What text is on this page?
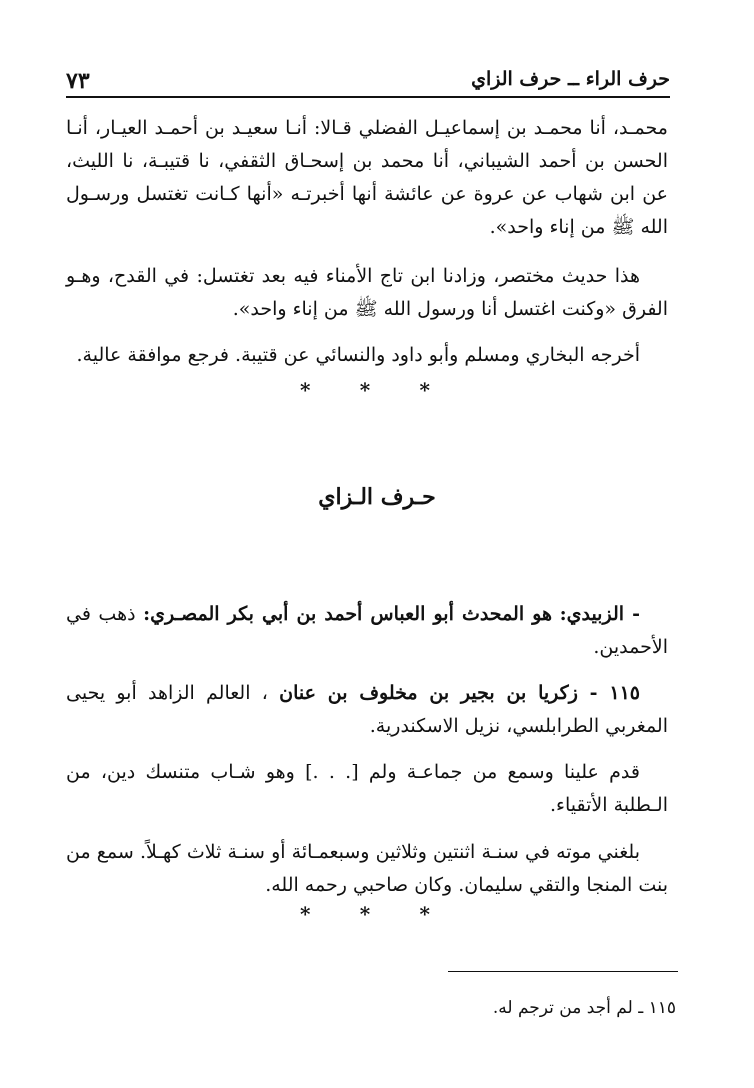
٧٣	حرف الراء ــ حرف الزاي

محمـد، أنا محمـد بن إسماعيـل الفضلي قـالا: أنـا سعيـد بن أحمـد العيـار، أنـا الحسن بن أحمد الشيباني، أنا محمد بن إسحـاق الثقفي، نا قتيبـة، نا الليث، عن ابن شهاب عن عروة عن عائشة أنها أخبرتـه «أنها كـانت تغتسل ورسـول الله ﷺ من إناء واحد».

هذا حديث مختصر، وزادنا ابن تاج الأمناء فيه بعد تغتسل: في القدح، وهـو الفرق «وكنت اغتسل أنا ورسول الله ﷺ من إناء واحد».

أخرجه البخاري ومسلم وأبو داود والنسائي عن قتيبة. فرجع موافقة عالية.

* * *
حـرف الـزاي

- الزبيدي: هو المحدث أبو العباس أحمد بن أبي بكر المصـري: ذهب في الأحمدين.

١١٥ - زكريا بن بجير بن مخلوف بن عنان ، العالم الزاهد أبو يحيى المغربي الطرابلسي، نزيل الاسكندرية.

قدم علينا وسمع من جماعـة ولم [. . .] وهو شـاب متنسك دين، من الـطلبة الأتقياء.

بلغني موته في سنـة اثنتين وثلاثين وسبعمـائة أو سنـة ثلاث كهـلاً. سمع من بنت المنجا والتقي سليمان. وكان صاحبي رحمه الله.

* * *
١١٥ ـ لم أجد من ترجم له.
